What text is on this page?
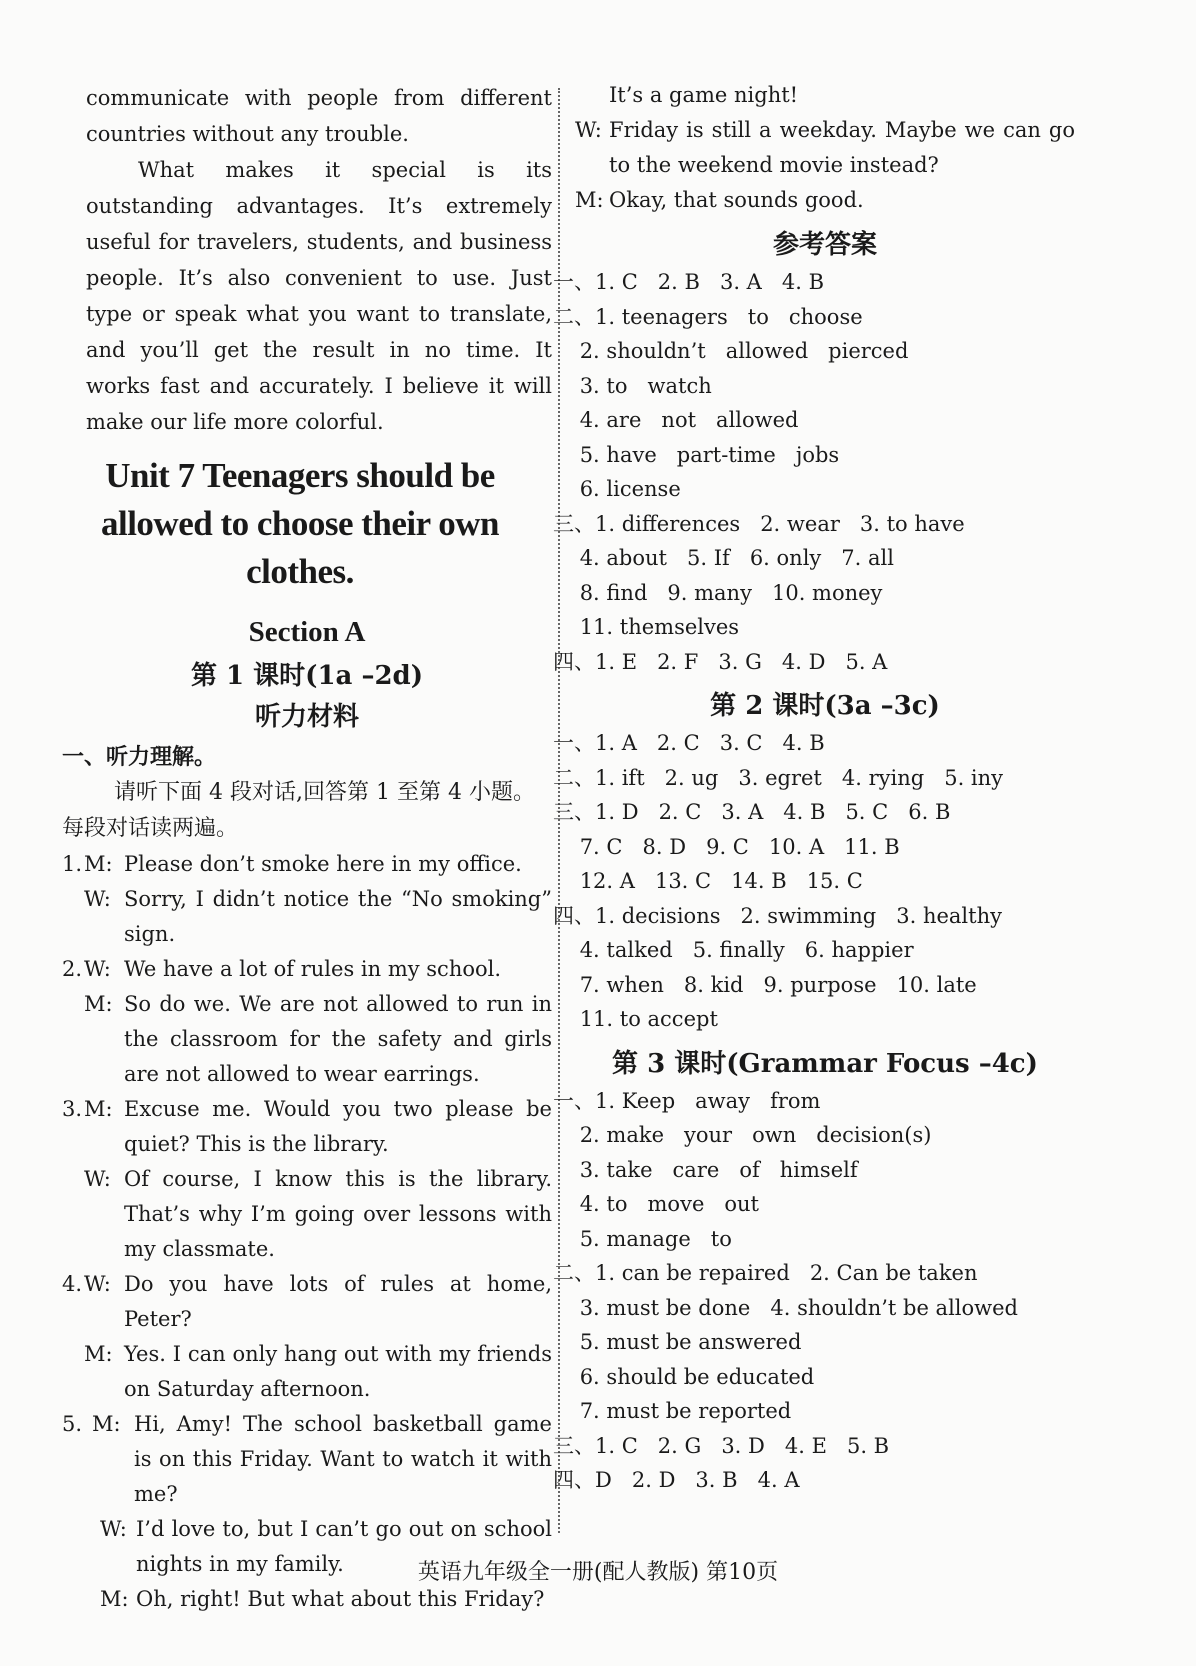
communicate with people from different countries without any trouble.

What makes it special is its outstanding advantages. It’s extremely useful for travelers, students, and business people. It’s also convenient to use. Just type or speak what you want to translate, and you’ll get the result in no time. It works fast and accurately. I believe it will make our life more colorful.

Unit 7 Teenagers should be allowed to choose their own clothes.
Section A
第 1 课时(1a –2d)
听力材料

一、听力理解。

请听下面 4 段对话,回答第 1 至第 4 小题。每段对话读两遍。

1. M: Please don’t smoke here in my office.
W: Sorry, I didn’t notice the “No smoking” sign.
2. W: We have a lot of rules in my school.
M: So do we. We are not allowed to run in the classroom for the safety and girls are not allowed to wear earrings.
3. M: Excuse me. Would you two please be quiet? This is the library.
W: Of course, I know this is the library. That’s why I’m going over lessons with my classmate.
4. W: Do you have lots of rules at home, Peter?
M: Yes. I can only hang out with my friends on Saturday afternoon.
5. M: Hi, Amy! The school basketball game is on this Friday. Want to watch it with me?
W: I’d love to, but I can’t go out on school nights in my family.
M: Oh, right! But what about this Friday?

It’s a game night!

W: Friday is still a weekday. Maybe we can go to the weekend movie instead?
M: Okay, that sounds good.
参考答案

一、1. C   2. B   3. A   4. B

二、1. teenagers   to   choose

2. shouldn’t   allowed   pierced

3. to   watch

4. are   not   allowed

5. have   part-time   jobs

6. license

三、1. differences   2. wear   3. to have

4. about   5. If   6. only   7. all

8. find   9. many   10. money

11. themselves

四、1. E   2. F   3. G   4. D   5. A

第 2 课时(3a –3c)

一、1. A   2. C   3. C   4. B

二、1. ift   2. ug   3. egret   4. rying   5. iny

三、1. D   2. C   3. A   4. B   5. C   6. B

7. C   8. D   9. C   10. A   11. B

12. A   13. C   14. B   15. C

四、1. decisions   2. swimming   3. healthy

4. talked   5. finally   6. happier

7. when   8. kid   9. purpose   10. late

11. to accept

第 3 课时(Grammar Focus –4c)

一、1. Keep   away   from

2. make   your   own   decision(s)

3. take   care   of   himself

4. to   move   out

5. manage   to

二、1. can be repaired   2. Can be taken

3. must be done   4. shouldn’t be allowed

5. must be answered

6. should be educated

7. must be reported

三、1. C   2. G   3. D   4. E   5. B

四、D   2. D   3. B   4. A

英语九年级全一册(配人教版) 第10页
